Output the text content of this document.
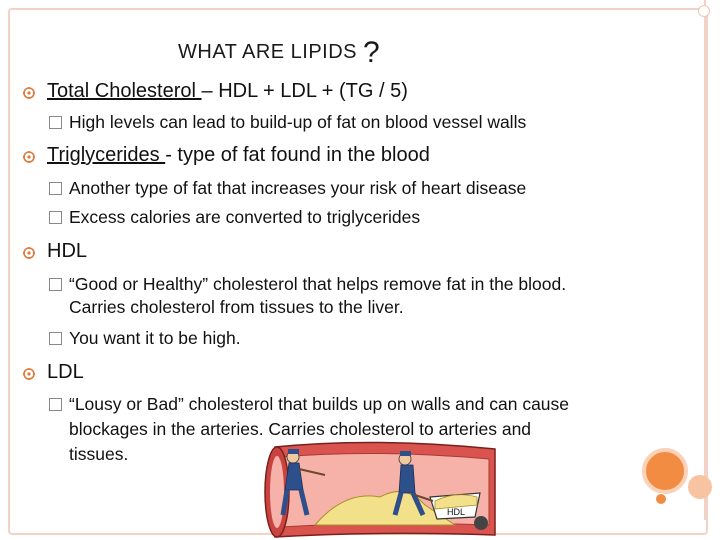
WHAT ARE LIPIDS ?
Total Cholesterol – HDL + LDL + (TG / 5)
High levels can lead to build-up of fat on blood vessel walls
Triglycerides - type of fat found in the blood
Another type of fat that increases your risk of heart disease
Excess calories are converted to triglycerides
HDL
“Good or Healthy” cholesterol that helps remove fat in the blood.
Carries cholesterol from tissues to the liver.
You want it to be high.
LDL
“Lousy or Bad” cholesterol that builds up on walls and can cause
blockages in the arteries. Carries cholesterol to arteries and
tissues.
HDL
